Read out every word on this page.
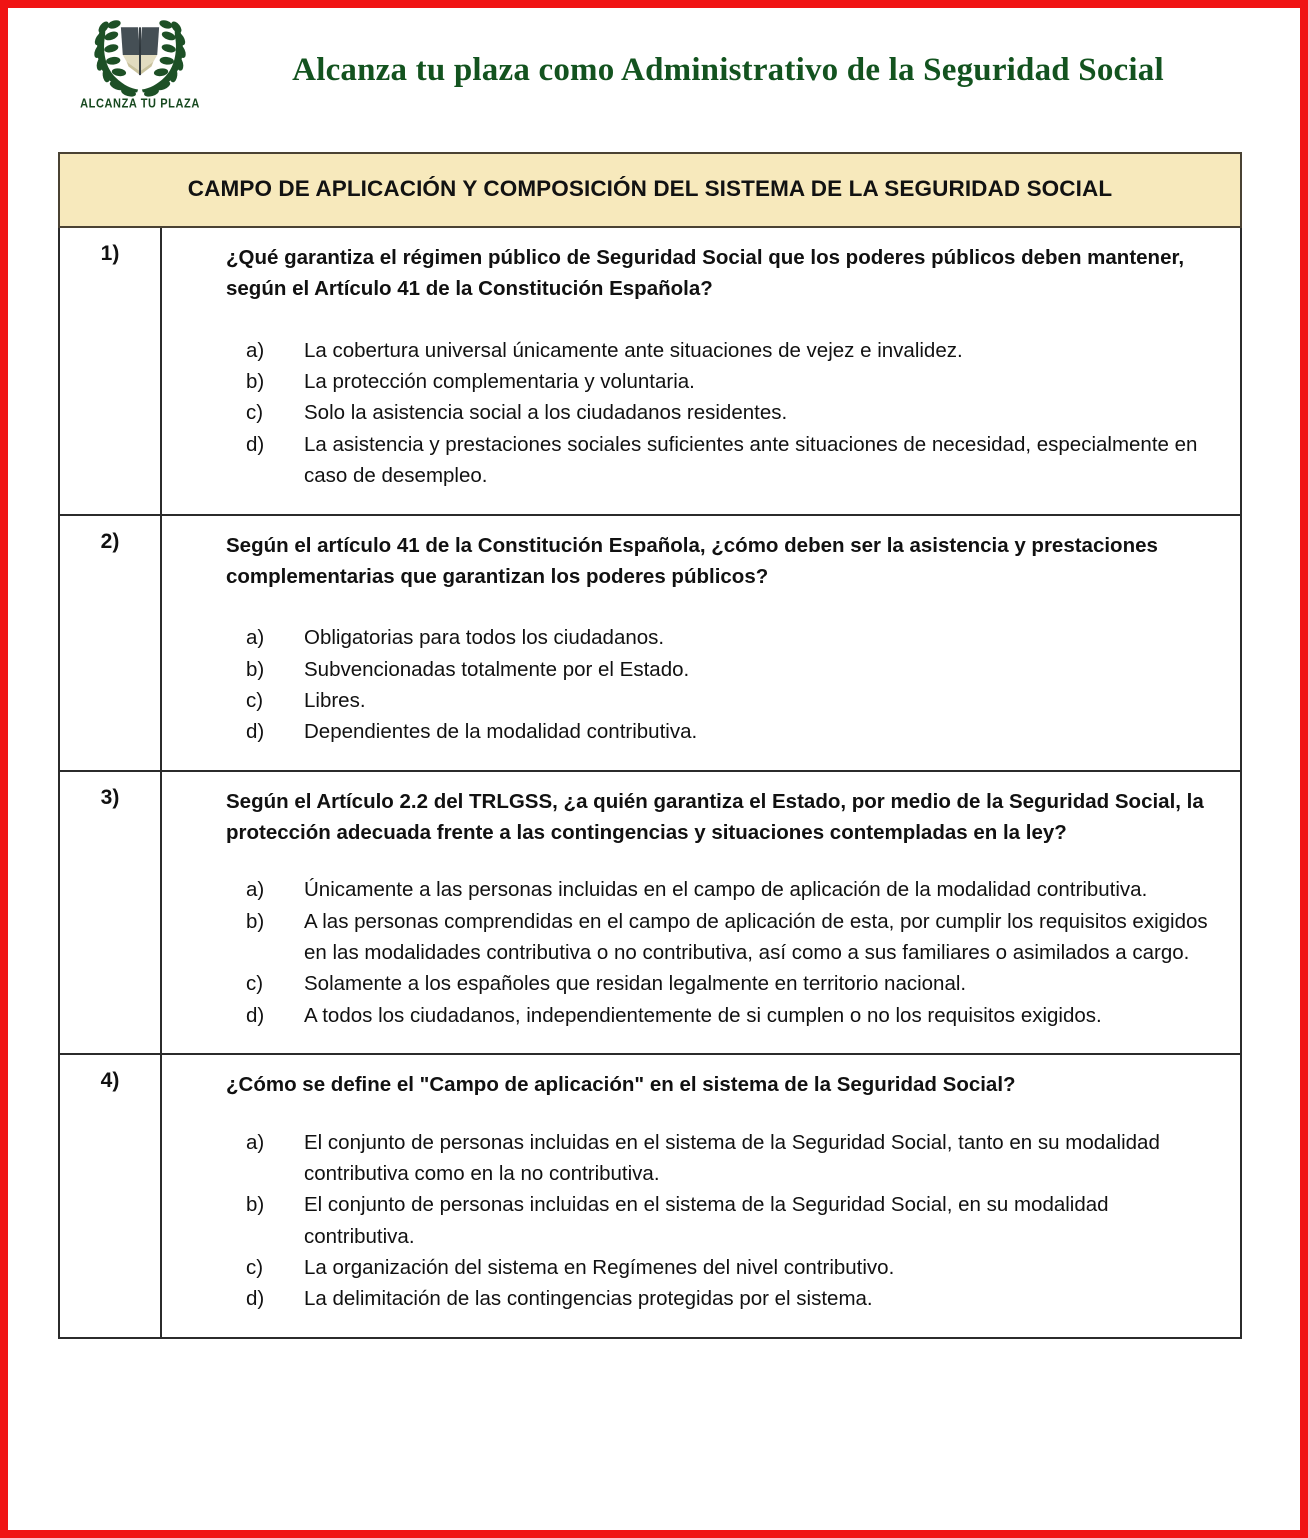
ALCANZA TU PLAZA
Alcanza tu plaza como Administrativo de la Seguridad Social
CAMPO DE APLICACIÓN Y COMPOSICIÓN DEL SISTEMA DE LA SEGURIDAD SOCIAL	
1)	¿Qué garantiza el régimen público de Seguridad Social que los poderes públicos deben mantener, según el Artículo 41 de la Constitución Española?

a)	La cobertura universal únicamente ante situaciones de vejez e invalidez.
b)	La protección complementaria y voluntaria.
c)	Solo la asistencia social a los ciudadanos residentes.
d)	La asistencia y prestaciones sociales suficientes ante situaciones de necesidad, especialmente en caso de desempleo.

2)	Según el artículo 41 de la Constitución Española, ¿cómo deben ser la asistencia y prestaciones complementarias que garantizan los poderes públicos?

a)	Obligatorias para todos los ciudadanos.
b)	Subvencionadas totalmente por el Estado.
c)	Libres.
d)	Dependientes de la modalidad contributiva.

3)	Según el Artículo 2.2 del TRLGSS, ¿a quién garantiza el Estado, por medio de la Seguridad Social, la protección adecuada frente a las contingencias y situaciones contempladas en la ley?

a)	Únicamente a las personas incluidas en el campo de aplicación de la modalidad contributiva.
b)	A las personas comprendidas en el campo de aplicación de esta, por cumplir los requisitos exigidos en las modalidades contributiva o no contributiva, así como a sus familiares o asimilados a cargo.
c)	Solamente a los españoles que residan legalmente en territorio nacional.
d)	A todos los ciudadanos, independientemente de si cumplen o no los requisitos exigidos.

4)	¿Cómo se define el "Campo de aplicación" en el sistema de la Seguridad Social?

a)	El conjunto de personas incluidas en el sistema de la Seguridad Social, tanto en su modalidad contributiva como en la no contributiva.
b)	El conjunto de personas incluidas en el sistema de la Seguridad Social, en su modalidad contributiva.
c)	La organización del sistema en Regímenes del nivel contributivo.
d)	La delimitación de las contingencias protegidas por el sistema.
